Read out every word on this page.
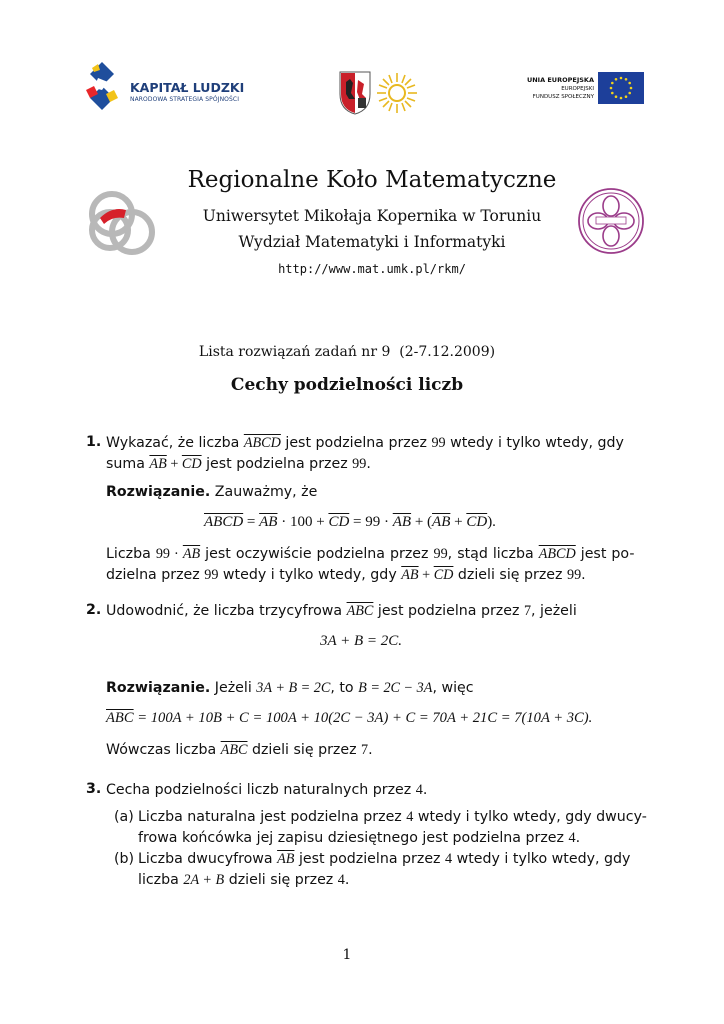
KAPITAŁ LUDZKI
NARODOWA STRATEGIA SPÓJNOŚCI
UNIA EUROPEJSKA
EUROPEJSKI
FUNDUSZ SPOŁECZNY
Regionalne Koło Matematyczne
Uniwersytet Mikołaja Kopernika w Toruniu
Wydział Matematyki i Informatyki
http://www.mat.umk.pl/rkm/
Lista rozwiązań zadań nr 9  (2-7.12.2009)
Cechy podzielności liczb
1. Wykazać, że liczba ABCD jest podzielna przez 99 wtedy i tylko wtedy, gdy
suma $\overline{AB} + \overline{CD}$ jest podzielna przez 99.
Rozwiązanie. Zauważmy, że
ABCD = $\overline{AB} \cdot 100 + \overline{CD} = 99 \cdot \overline{AB} + (\overline{AB} + \overline{CD})$.
Liczba $99 \cdot \overline{AB}$ jest oczywiście podzielna przez 99, stąd liczba ABCD jest po-
dzielna przez 99 wtedy i tylko wtedy, gdy $\overline{AB} + \overline{CD}$ dzieli się przez 99.
2. Udowodnić, że liczba trzycyfrowa $\overline{ABC}$ jest podzielna przez 7, jeżeli
3A + B = 2C.
Rozwiązanie. Jeżeli 3A + B = 2C, to B = 2C − 3A, więc
$\overline{ABC} = 100A + 10B + C = 100A + 10(2C - 3A) + C = 70A + 21C = 7(10A + 3C)$.
Wówczas liczba $\overline{ABC}$ dzieli się przez 7.
3. Cecha podzielności liczb naturalnych przez 4.
(a) Liczba naturalna jest podzielna przez 4 wtedy i tylko wtedy, gdy dwucy-
frowa końcówka jej zapisu dziesiętnego jest podzielna przez 4.
(b) Liczba dwucyfrowa $\overline{AB}$ jest podzielna przez 4 wtedy i tylko wtedy, gdy
liczba 2A + B dzieli się przez 4.
1
